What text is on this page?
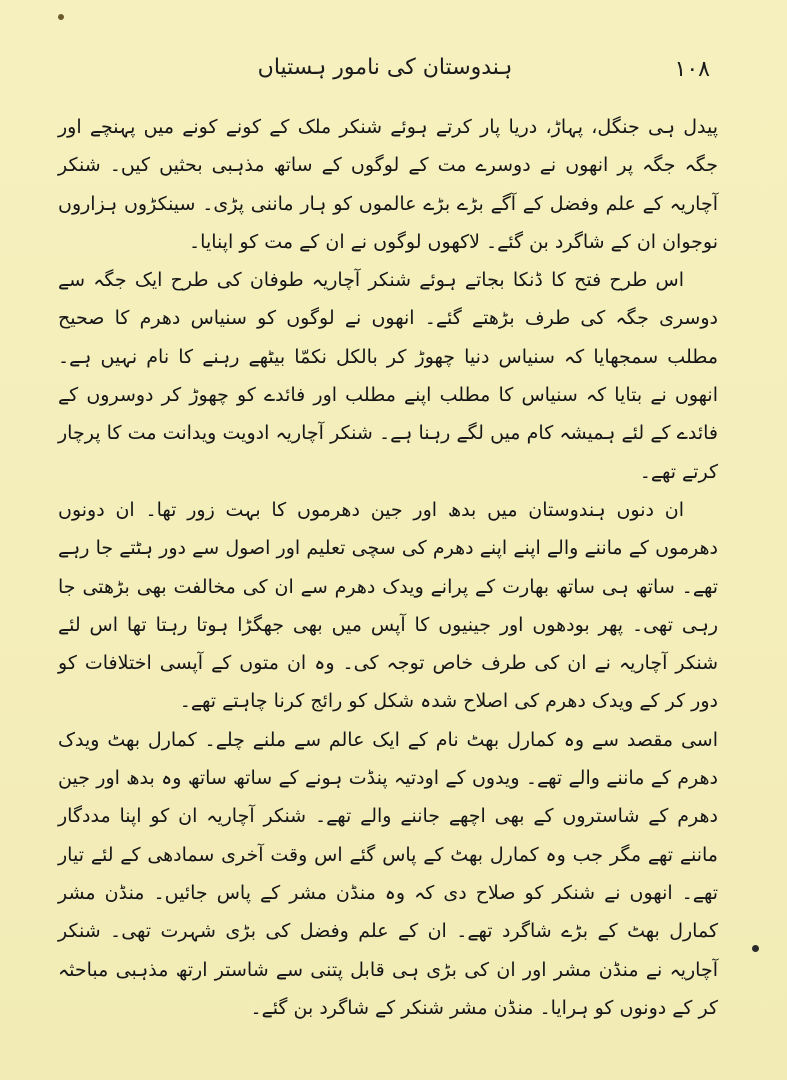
۱۰۸
ہندوستان کی نامور ہستیاں

پیدل ہی جنگل، پہاڑ، دریا پار کرتے ہوئے شنکر ملک کے کونے کونے میں پہنچے اور جگہ جگہ پر انھوں نے دوسرے مت کے لوگوں کے ساتھ مذہبی بحثیں کیں۔ شنکر آچاریہ کے علم وفضل کے آگے بڑے بڑے عالموں کو ہار ماننی پڑی۔ سینکڑوں ہزاروں نوجوان ان کے شاگرد بن گئے۔ لاکھوں لوگوں نے ان کے مت کو اپنایا۔

اس طرح فتح کا ڈنکا بجاتے ہوئے شنکر آچاریہ طوفان کی طرح ایک جگہ سے دوسری جگہ کی طرف بڑھتے گئے۔ انھوں نے لوگوں کو سنیاس دھرم کا صحیح مطلب سمجھایا کہ سنیاس دنیا چھوڑ کر بالکل نکمّا بیٹھے رہنے کا نام نہیں ہے۔ انھوں نے بتایا کہ سنیاس کا مطلب اپنے مطلب اور فائدے کو چھوڑ کر دوسروں کے فائدے کے لئے ہمیشہ کام میں لگے رہنا ہے۔ شنکر آچاریہ ادویت ویدانت مت کا پرچار کرتے تھے۔

ان دنوں ہندوستان میں بدھ اور جین دھرموں کا بہت زور تھا۔ ان دونوں دھرموں کے ماننے والے اپنے اپنے دھرم کی سچی تعلیم اور اصول سے دور ہٹتے جا رہے تھے۔ ساتھ ہی ساتھ بھارت کے پرانے ویدک دھرم سے ان کی مخالفت بھی بڑھتی جا رہی تھی۔ پھر بودھوں اور جینیوں کا آپس میں بھی جھگڑا ہوتا رہتا تھا اس لئے شنکر آچاریہ نے ان کی طرف خاص توجہ کی۔ وہ ان متوں کے آپسی اختلافات کو دور کر کے ویدک دھرم کی اصلاح شدہ شکل کو رائج کرنا چاہتے تھے۔

اسی مقصد سے وہ کمارل بھٹ نام کے ایک عالم سے ملنے چلے۔ کمارل بھٹ ویدک دھرم کے ماننے والے تھے۔ ویدوں کے اودتیہ پنڈت ہونے کے ساتھ ساتھ وہ بدھ اور جین دھرم کے شاستروں کے بھی اچھے جاننے والے تھے۔ شنکر آچاریہ ان کو اپنا مددگار ماننے تھے مگر جب وہ کمارل بھٹ کے پاس گئے اس وقت آخری سمادھی کے لئے تیار تھے۔ انھوں نے شنکر کو صلاح دی کہ وہ منڈن مشر کے پاس جائیں۔ منڈن مشر کمارل بھٹ کے بڑے شاگرد تھے۔ ان کے علم وفضل کی بڑی شہرت تھی۔ شنکر آچاریہ نے منڈن مشر اور ان کی بڑی ہی قابل پتنی سے شاستر ارتھ مذہبی مباحثہ کر کے دونوں کو ہرایا۔ منڈن مشر شنکر کے شاگرد بن گئے۔
